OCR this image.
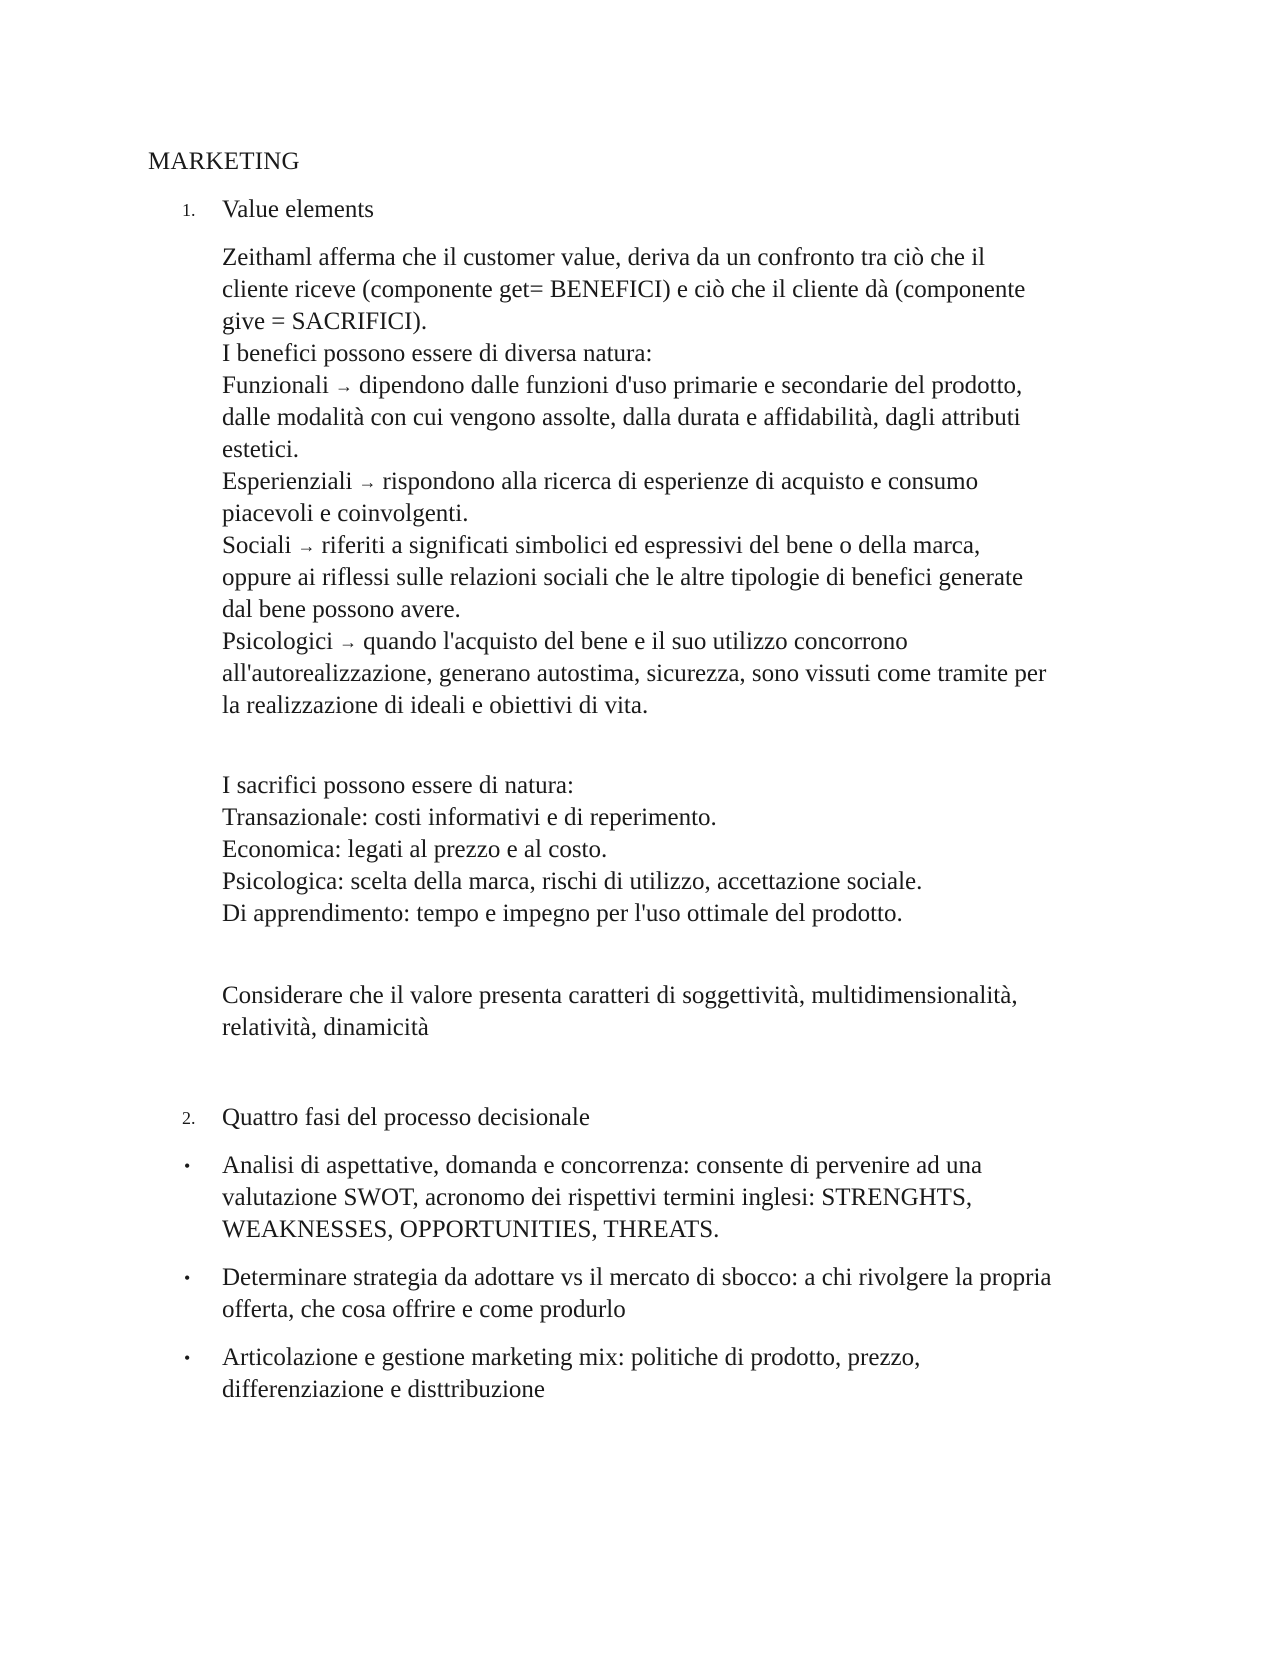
MARKETING
1. Value elements
Zeithaml afferma che il customer value, deriva da un confronto tra ciò che il
cliente riceve (componente get= BENEFICI) e ciò che il cliente dà (componente
give = SACRIFICI).
I benefici possono essere di diversa natura:
Funzionali → dipendono dalle funzioni d'uso primarie e secondarie del prodotto,
dalle modalità con cui vengono assolte, dalla durata e affidabilità, dagli attributi
estetici.
Esperienziali → rispondono alla ricerca di esperienze di acquisto e consumo
piacevoli e coinvolgenti.
Sociali → riferiti a significati simbolici ed espressivi del bene o della marca,
oppure ai riflessi sulle relazioni sociali che le altre tipologie di benefici generate
dal bene possono avere.
Psicologici → quando l'acquisto del bene e il suo utilizzo concorrono
all'autorealizzazione, generano autostima, sicurezza, sono vissuti come tramite per
la realizzazione di ideali e obiettivi di vita.
I sacrifici possono essere di natura:
Transazionale: costi informativi e di reperimento.
Economica: legati al prezzo e al costo.
Psicologica: scelta della marca, rischi di utilizzo, accettazione sociale.
Di apprendimento: tempo e impegno per l'uso ottimale del prodotto.
Considerare che il valore presenta caratteri di soggettività, multidimensionalità,
relatività, dinamicità
2. Quattro fasi del processo decisionale
• Analisi di aspettative, domanda e concorrenza: consente di pervenire ad una
valutazione SWOT, acronomo dei rispettivi termini inglesi: STRENGHTS,
WEAKNESSES, OPPORTUNITIES, THREATS.
• Determinare strategia da adottare vs il mercato di sbocco: a chi rivolgere la propria
offerta, che cosa offrire e come produrlo
• Articolazione e gestione marketing mix: politiche di prodotto, prezzo,
differenziazione e disttribuzione
